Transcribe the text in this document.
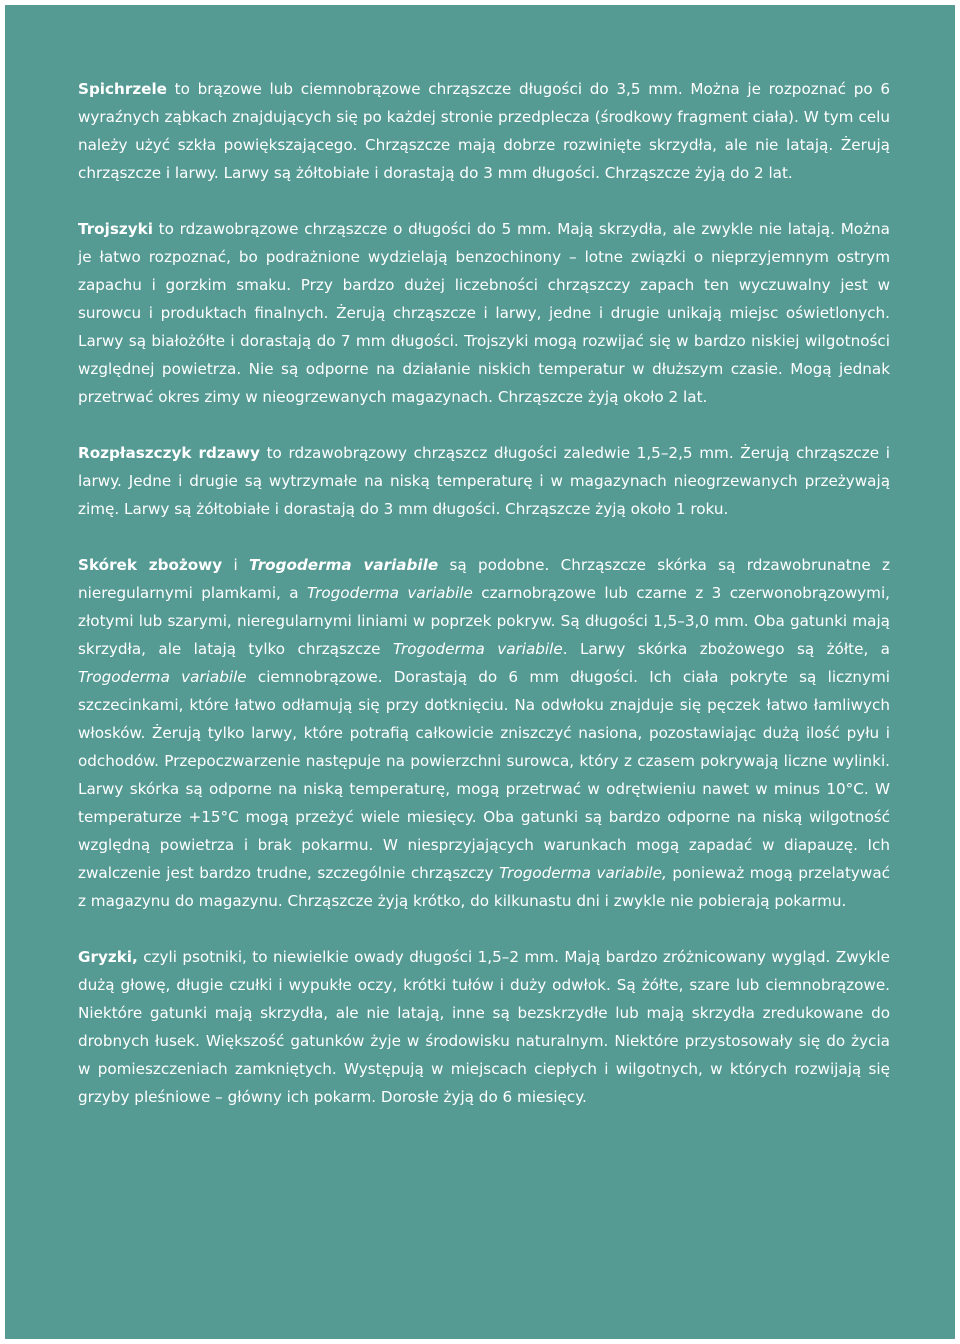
Spichrzele to brązowe lub ciemnobrązowe chrząszcze długości do 3,5 mm. Można je rozpoznać po 6 wyraźnych ząbkach znajdujących się po każdej stronie przedplecza (środkowy fragment ciała). W tym celu należy użyć szkła powiększającego. Chrząszcze mają dobrze rozwinięte skrzydła, ale nie latają. Żerują chrząszcze i larwy. Larwy są żółtobiałe i dorastają do 3 mm długości. Chrząszcze żyją do 2 lat.

Trojszyki to rdzawobrązowe chrząszcze o długości do 5 mm. Mają skrzydła, ale zwykle nie latają. Można je łatwo rozpoznać, bo podrażnione wydzielają benzochinony – lotne związki o nieprzyjemnym ostrym zapachu i gorzkim smaku. Przy bardzo dużej liczebności chrząszczy zapach ten wyczuwalny jest w surowcu i produktach finalnych. Żerują chrząszcze i larwy, jedne i drugie unikają miejsc oświetlonych. Larwy są białożółte i dorastają do 7 mm długości. Trojszyki mogą rozwijać się w bardzo niskiej wilgotności względnej powietrza. Nie są odporne na działanie niskich temperatur w dłuższym czasie. Mogą jednak przetrwać okres zimy w nieogrzewanych magazynach. Chrząszcze żyją około 2 lat.

Rozpłaszczyk rdzawy to rdzawobrązowy chrząszcz długości zaledwie 1,5–2,5 mm. Żerują chrząszcze i larwy. Jedne i drugie są wytrzymałe na niską temperaturę i w magazynach nieogrzewanych przeżywają zimę. Larwy są żółtobiałe i dorastają do 3 mm długości. Chrząszcze żyją około 1 roku.

Skórek zbożowy i Trogoderma variabile są podobne. Chrząszcze skórka są rdzawobrunatne z nieregularnymi plamkami, a Trogoderma variabile czarnobrązowe lub czarne z 3 czerwonobrązowymi, złotymi lub szarymi, nieregularnymi liniami w poprzek pokryw. Są długości 1,5–3,0 mm. Oba gatunki mają skrzydła, ale latają tylko chrząszcze Trogoderma variabile. Larwy skórka zbożowego są żółte, a Trogoderma variabile ciemnobrązowe. Dorastają do 6 mm długości. Ich ciała pokryte są licznymi szczecinkami, które łatwo odłamują się przy dotknięciu. Na odwłoku znajduje się pęczek łatwo łamliwych włosków. Żerują tylko larwy, które potrafią całkowicie zniszczyć nasiona, pozostawiając dużą ilość pyłu i odchodów. Przepoczwarzenie następuje na powierzchni surowca, który z czasem pokrywają liczne wylinki. Larwy skórka są odporne na niską temperaturę, mogą przetrwać w odrętwieniu nawet w minus 10°C. W temperaturze +15°C mogą przeżyć wiele miesięcy. Oba gatunki są bardzo odporne na niską wilgotność względną powietrza i brak pokarmu. W niesprzyjających warunkach mogą zapadać w diapauzę. Ich zwalczenie jest bardzo trudne, szczególnie chrząszczy Trogoderma variabile, ponieważ mogą przelatywać z magazynu do magazynu. Chrząszcze żyją krótko, do kilkunastu dni i zwykle nie pobierają pokarmu.

Gryzki, czyli psotniki, to niewielkie owady długości 1,5–2 mm. Mają bardzo zróżnicowany wygląd. Zwykle dużą głowę, długie czułki i wypukłe oczy, krótki tułów i duży odwłok. Są żółte, szare lub ciemnobrązowe. Niektóre gatunki mają skrzydła, ale nie latają, inne są bezskrzydłe lub mają skrzydła zredukowane do drobnych łusek. Większość gatunków żyje w środowisku naturalnym. Niektóre przystosowały się do życia w pomieszczeniach zamkniętych. Występują w miejscach ciepłych i wilgotnych, w których rozwijają się grzyby pleśniowe – główny ich pokarm. Dorosłe żyją do 6 miesięcy.
